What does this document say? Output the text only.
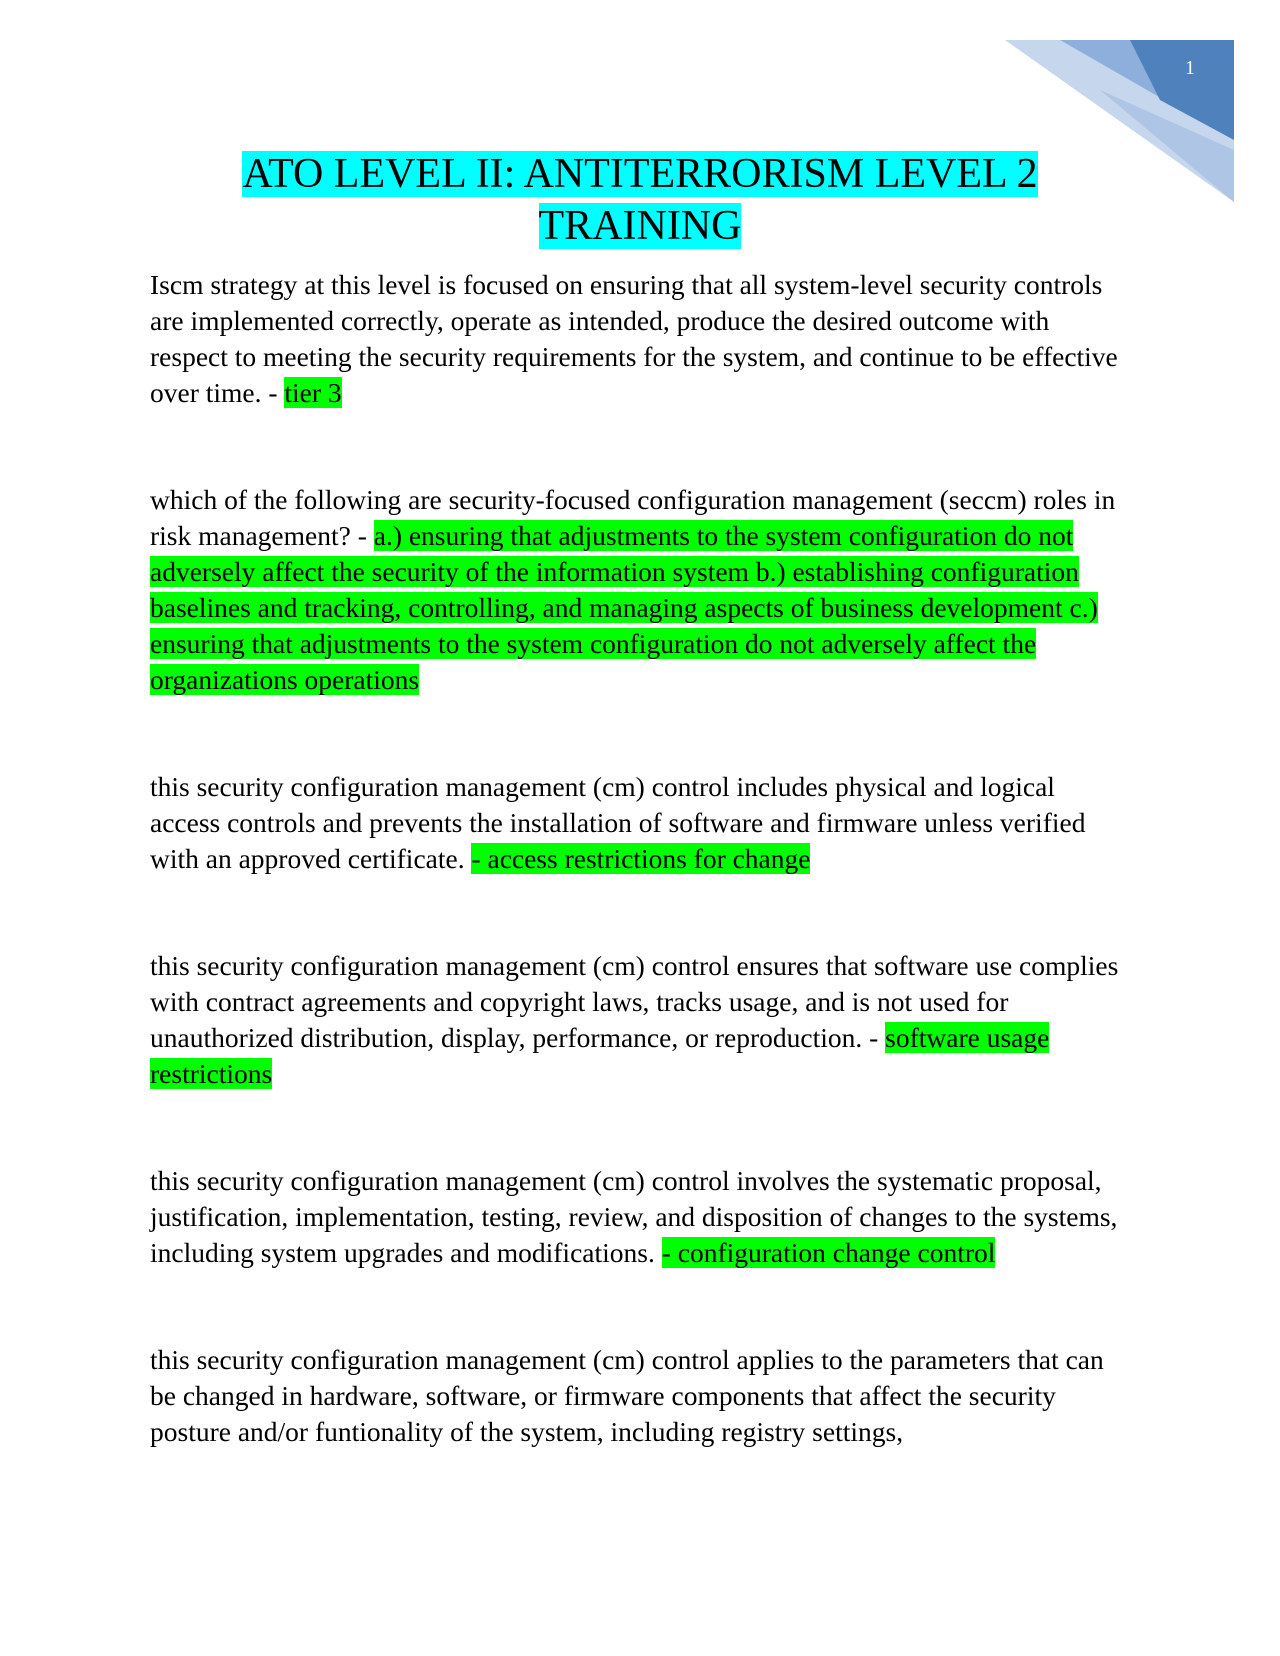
1
ATO LEVEL II: ANTITERRORISM LEVEL 2
TRAINING

Iscm strategy at this level is focused on ensuring that all system-level security controls are implemented correctly, operate as intended, produce the desired outcome with respect to meeting the security requirements for the system, and continue to be effective over time. - tier 3

which of the following are security-focused configuration management (seccm) roles in risk management? - a.) ensuring that adjustments to the system configuration do not adversely affect the security of the information system b.) establishing configuration baselines and tracking, controlling, and managing aspects of business development c.) ensuring that adjustments to the system configuration do not adversely affect the organizations operations

this security configuration management (cm) control includes physical and logical access controls and prevents the installation of software and firmware unless verified with an approved certificate. - access restrictions for change

this security configuration management (cm) control ensures that software use complies with contract agreements and copyright laws, tracks usage, and is not used for unauthorized distribution, display, performance, or reproduction. - software usage restrictions

this security configuration management (cm) control involves the systematic proposal, justification, implementation, testing, review, and disposition of changes to the systems, including system upgrades and modifications. - configuration change control

this security configuration management (cm) control applies to the parameters that can be changed in hardware, software, or firmware components that affect the security posture and/or funtionality of the system, including registry settings,
